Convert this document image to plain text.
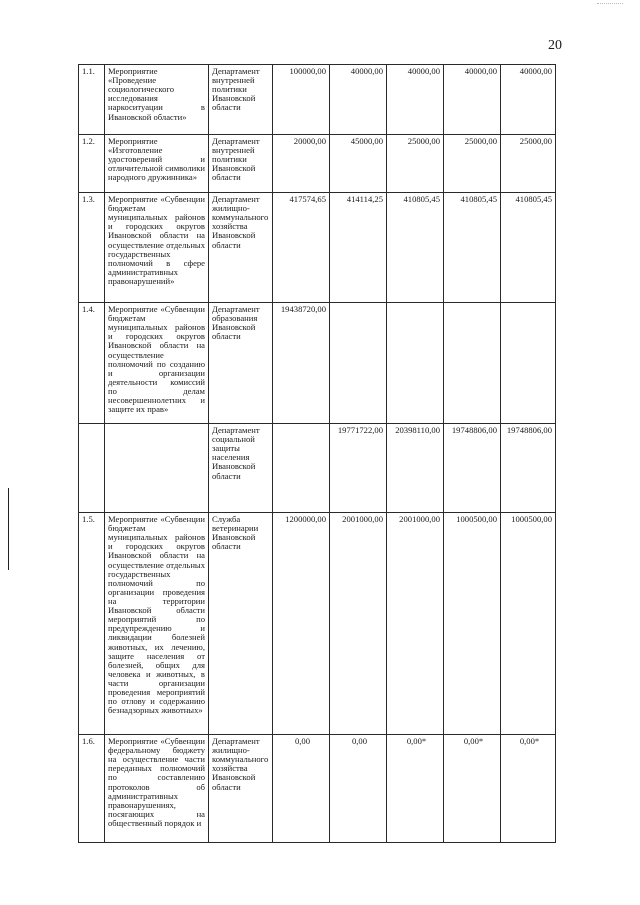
20
1.1.	Мероприятие «Проведение социологического исследования наркоситуации в Ивановской области»	Департамент внутренней политики Ивановской области	100000,00	40000,00	40000,00	40000,00	40000,00
1.2.	Мероприятие «Изготовление удостоверений и отличительной символики народного дружинника»	Департамент внутренней политики Ивановской области	20000,00	45000,00	25000,00	25000,00	25000,00
1.3.	Мероприятие «Субвенции бюджетам муниципальных районов и городских округов Ивановской области на осуществление отдельных государственных полномочий в сфере административных правонарушений»	Департамент жилищно-коммунального хозяйства Ивановской области	417574,65	414114,25	410805,45	410805,45	410805,45
1.4.	Мероприятие «Субвенции бюджетам муниципальных районов и городских округов Ивановской области на осуществление полномочий по созданию и организации деятельности комиссий по делам несовершеннолетних и защите их прав»	Департамент образования Ивановской области	19438720,00				
		Департамент социальной защиты населения Ивановской области		19771722,00	20398110,00	19748806,00	19748806,00
1.5.	Мероприятие «Субвенции бюджетам муниципальных районов и городских округов Ивановской области на осуществление отдельных государственных полномочий по организации проведения на территории Ивановской области мероприятий по предупреждению и ликвидации болезней животных, их лечению, защите населения от болезней, общих для человека и животных, в части организации проведения мероприятий по отлову и содержанию безнадзорных животных»	Служба ветеринарии Ивановской области	1200000,00	2001000,00	2001000,00	1000500,00	1000500,00
1.6.	Мероприятие «Субвенции федеральному бюджету на осуществление части переданных полномочий по составлению протоколов об административных правонарушениях, посягающих на общественный порядок и	Департамент жилищно-коммунального хозяйства Ивановской области	0,00	0,00	0,00*	0,00*	0,00*
